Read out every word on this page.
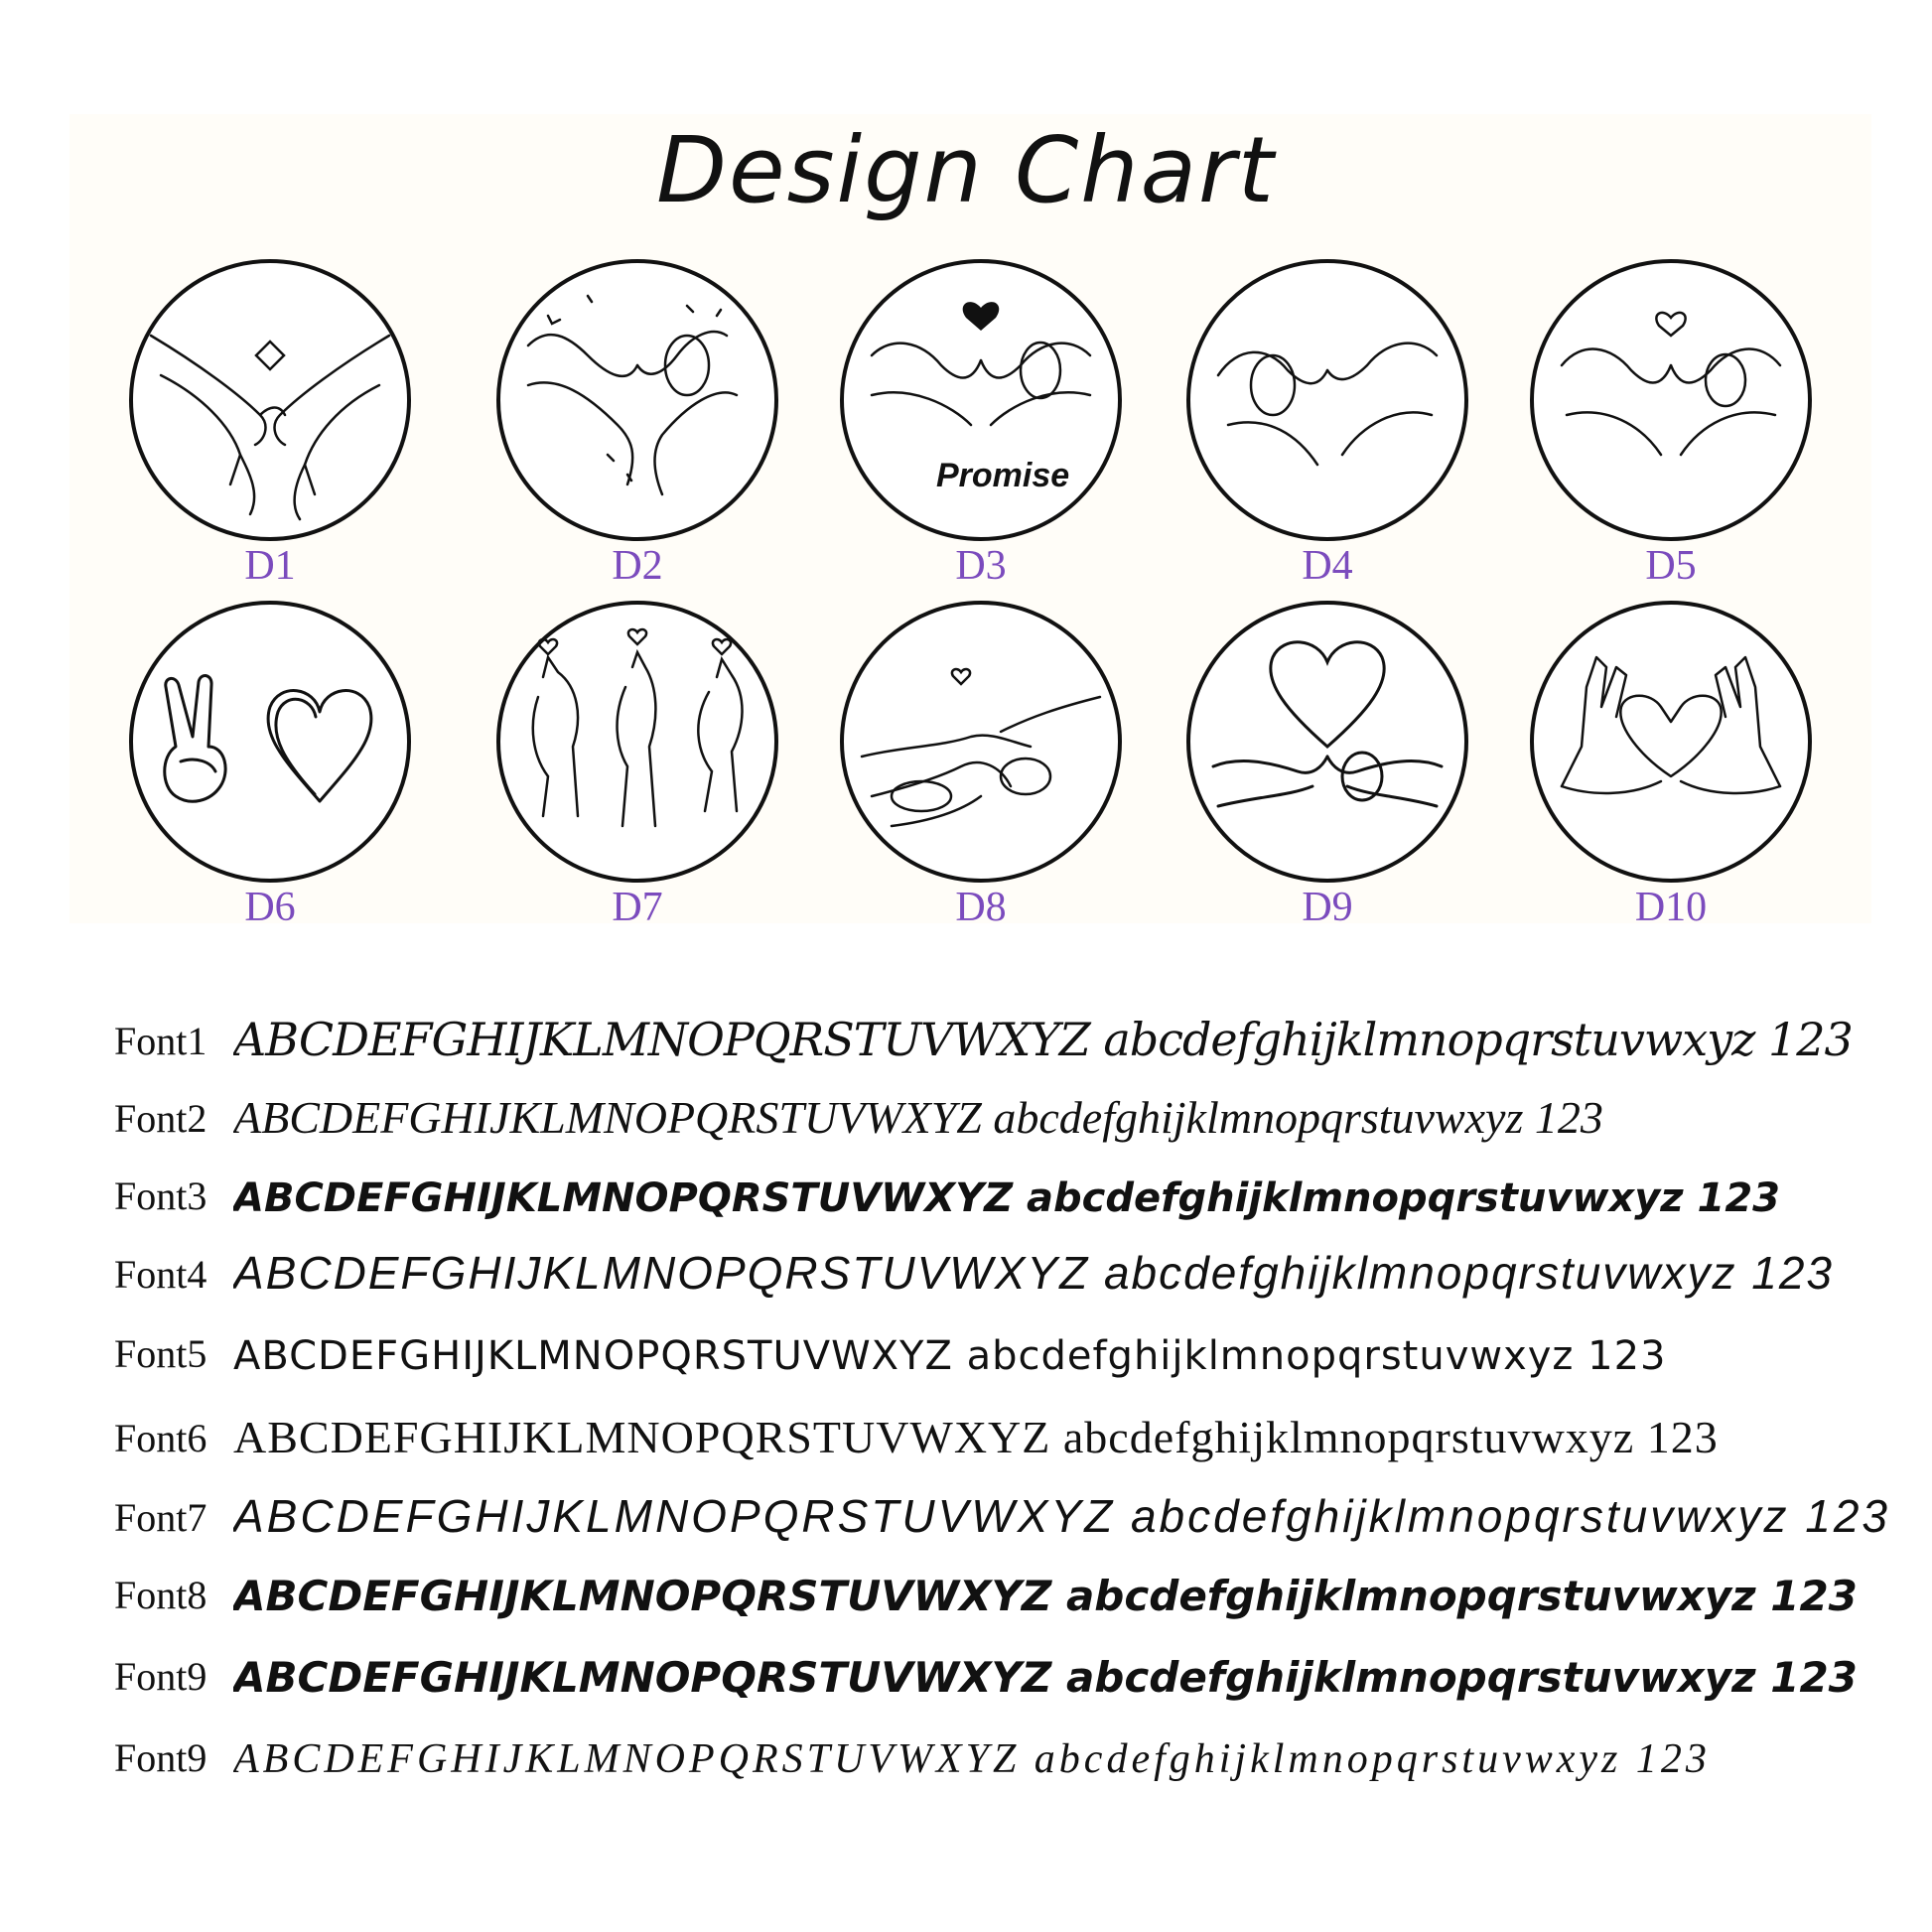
Design Chart
D1	D2
Promise
D3	D4	D5
D6	D7	D8	D9	D10
Font1 ABCDEFGHIJKLMNOPQRSTUVWXYZ abcdefghijklmnopqrstuvwxyz 123
Font2 ABCDEFGHIJKLMNOPQRSTUVWXYZ abcdefghijklmnopqrstuvwxyz 123
Font3 ABCDEFGHIJKLMNOPQRSTUVWXYZ abcdefghijklmnopqrstuvwxyz 123
Font4 ABCDEFGHIJKLMNOPQRSTUVWXYZ abcdefghijklmnopqrstuvwxyz 123
Font5 ABCDEFGHIJKLMNOPQRSTUVWXYZ abcdefghijklmnopqrstuvwxyz 123
Font6 ABCDEFGHIJKLMNOPQRSTUVWXYZ abcdefghijklmnopqrstuvwxyz 123
Font7 ABCDEFGHIJKLMNOPQRSTUVWXYZ abcdefghijklmnopqrstuvwxyz 123
Font8 ABCDEFGHIJKLMNOPQRSTUVWXYZ abcdefghijklmnopqrstuvwxyz 123
Font9 ABCDEFGHIJKLMNOPQRSTUVWXYZ abcdefghijklmnopqrstuvwxyz 123
Font9 ABCDEFGHIJKLMNOPQRSTUVWXYZ abcdefghijklmnopqrstuvwxyz 123
